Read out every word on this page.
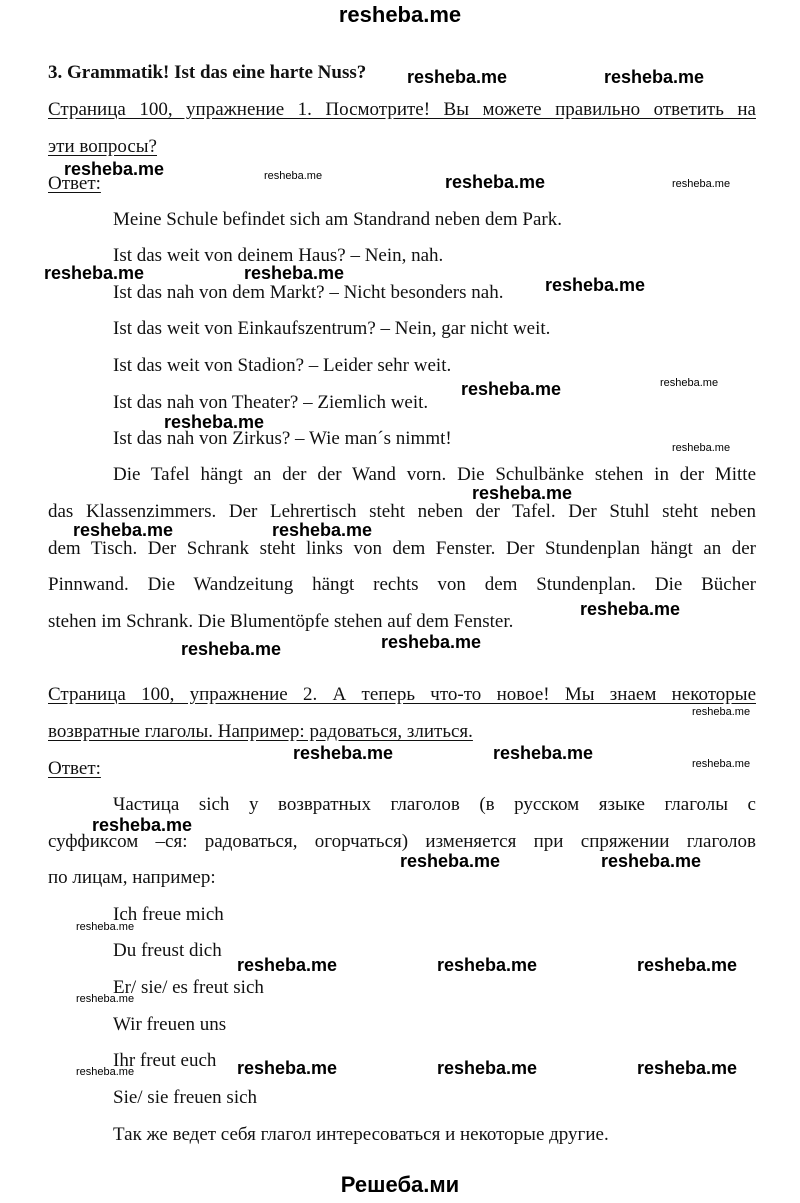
resheba.me
3. Grammatik! Ist das eine harte Nuss?
Страница 100, упражнение 1. Посмотрите! Вы можете правильно ответить на
эти вопросы?
Ответ:
Meine Schule befindet sich am Standrand neben dem Park.
Ist das weit von deinem Haus? – Nein, nah.
Ist das nah von dem Markt? – Nicht besonders nah.
Ist das weit von Einkaufszentrum? – Nein, gar nicht weit.
Ist das weit von Stadion? – Leider sehr weit.
Ist das nah von Theater? – Ziemlich weit.
Ist das nah von Zirkus? – Wie man´s nimmt!
Die Tafel hängt an der der Wand vorn. Die Schulbänke stehen in der Mitte
das Klassenzimmers. Der Lehrertisch steht neben der Tafel. Der Stuhl steht neben
dem Tisch. Der Schrank steht links von dem Fenster. Der Stundenplan hängt an der
Pinnwand. Die Wandzeitung hängt rechts von dem Stundenplan. Die Bücher
stehen im Schrank. Die Blumentöpfe stehen auf dem Fenster.
Страница 100, упражнение 2. А теперь что-то новое! Мы знаем некоторые
возвратные глаголы. Например: радоваться, злиться.
Ответ:
Частица sich у возвратных глаголов (в русском языке глаголы с
суффиксом –ся: радоваться, огорчаться) изменяется при спряжении глаголов
по лицам, например:
Ich freue mich
Du freust dich
Er/ sie/ es freut sich
Wir freuen uns
Ihr freut euch
Sie/ sie freuen sich
Так же ведет себя глагол интересоваться и некоторые другие.
resheba.me	resheba.me
resheba.me	resheba.me	resheba.me	resheba.me
resheba.me	resheba.me
resheba.me
resheba.me	resheba.me
resheba.me
resheba.me
resheba.me
resheba.me	resheba.me
resheba.me
resheba.me
resheba.me
resheba.me
resheba.me	resheba.me
resheba.me
resheba.me
resheba.me	resheba.me
resheba.me
resheba.me	resheba.me	resheba.me
resheba.me
resheba.me	resheba.me	resheba.me	resheba.me
Решеба.ми
